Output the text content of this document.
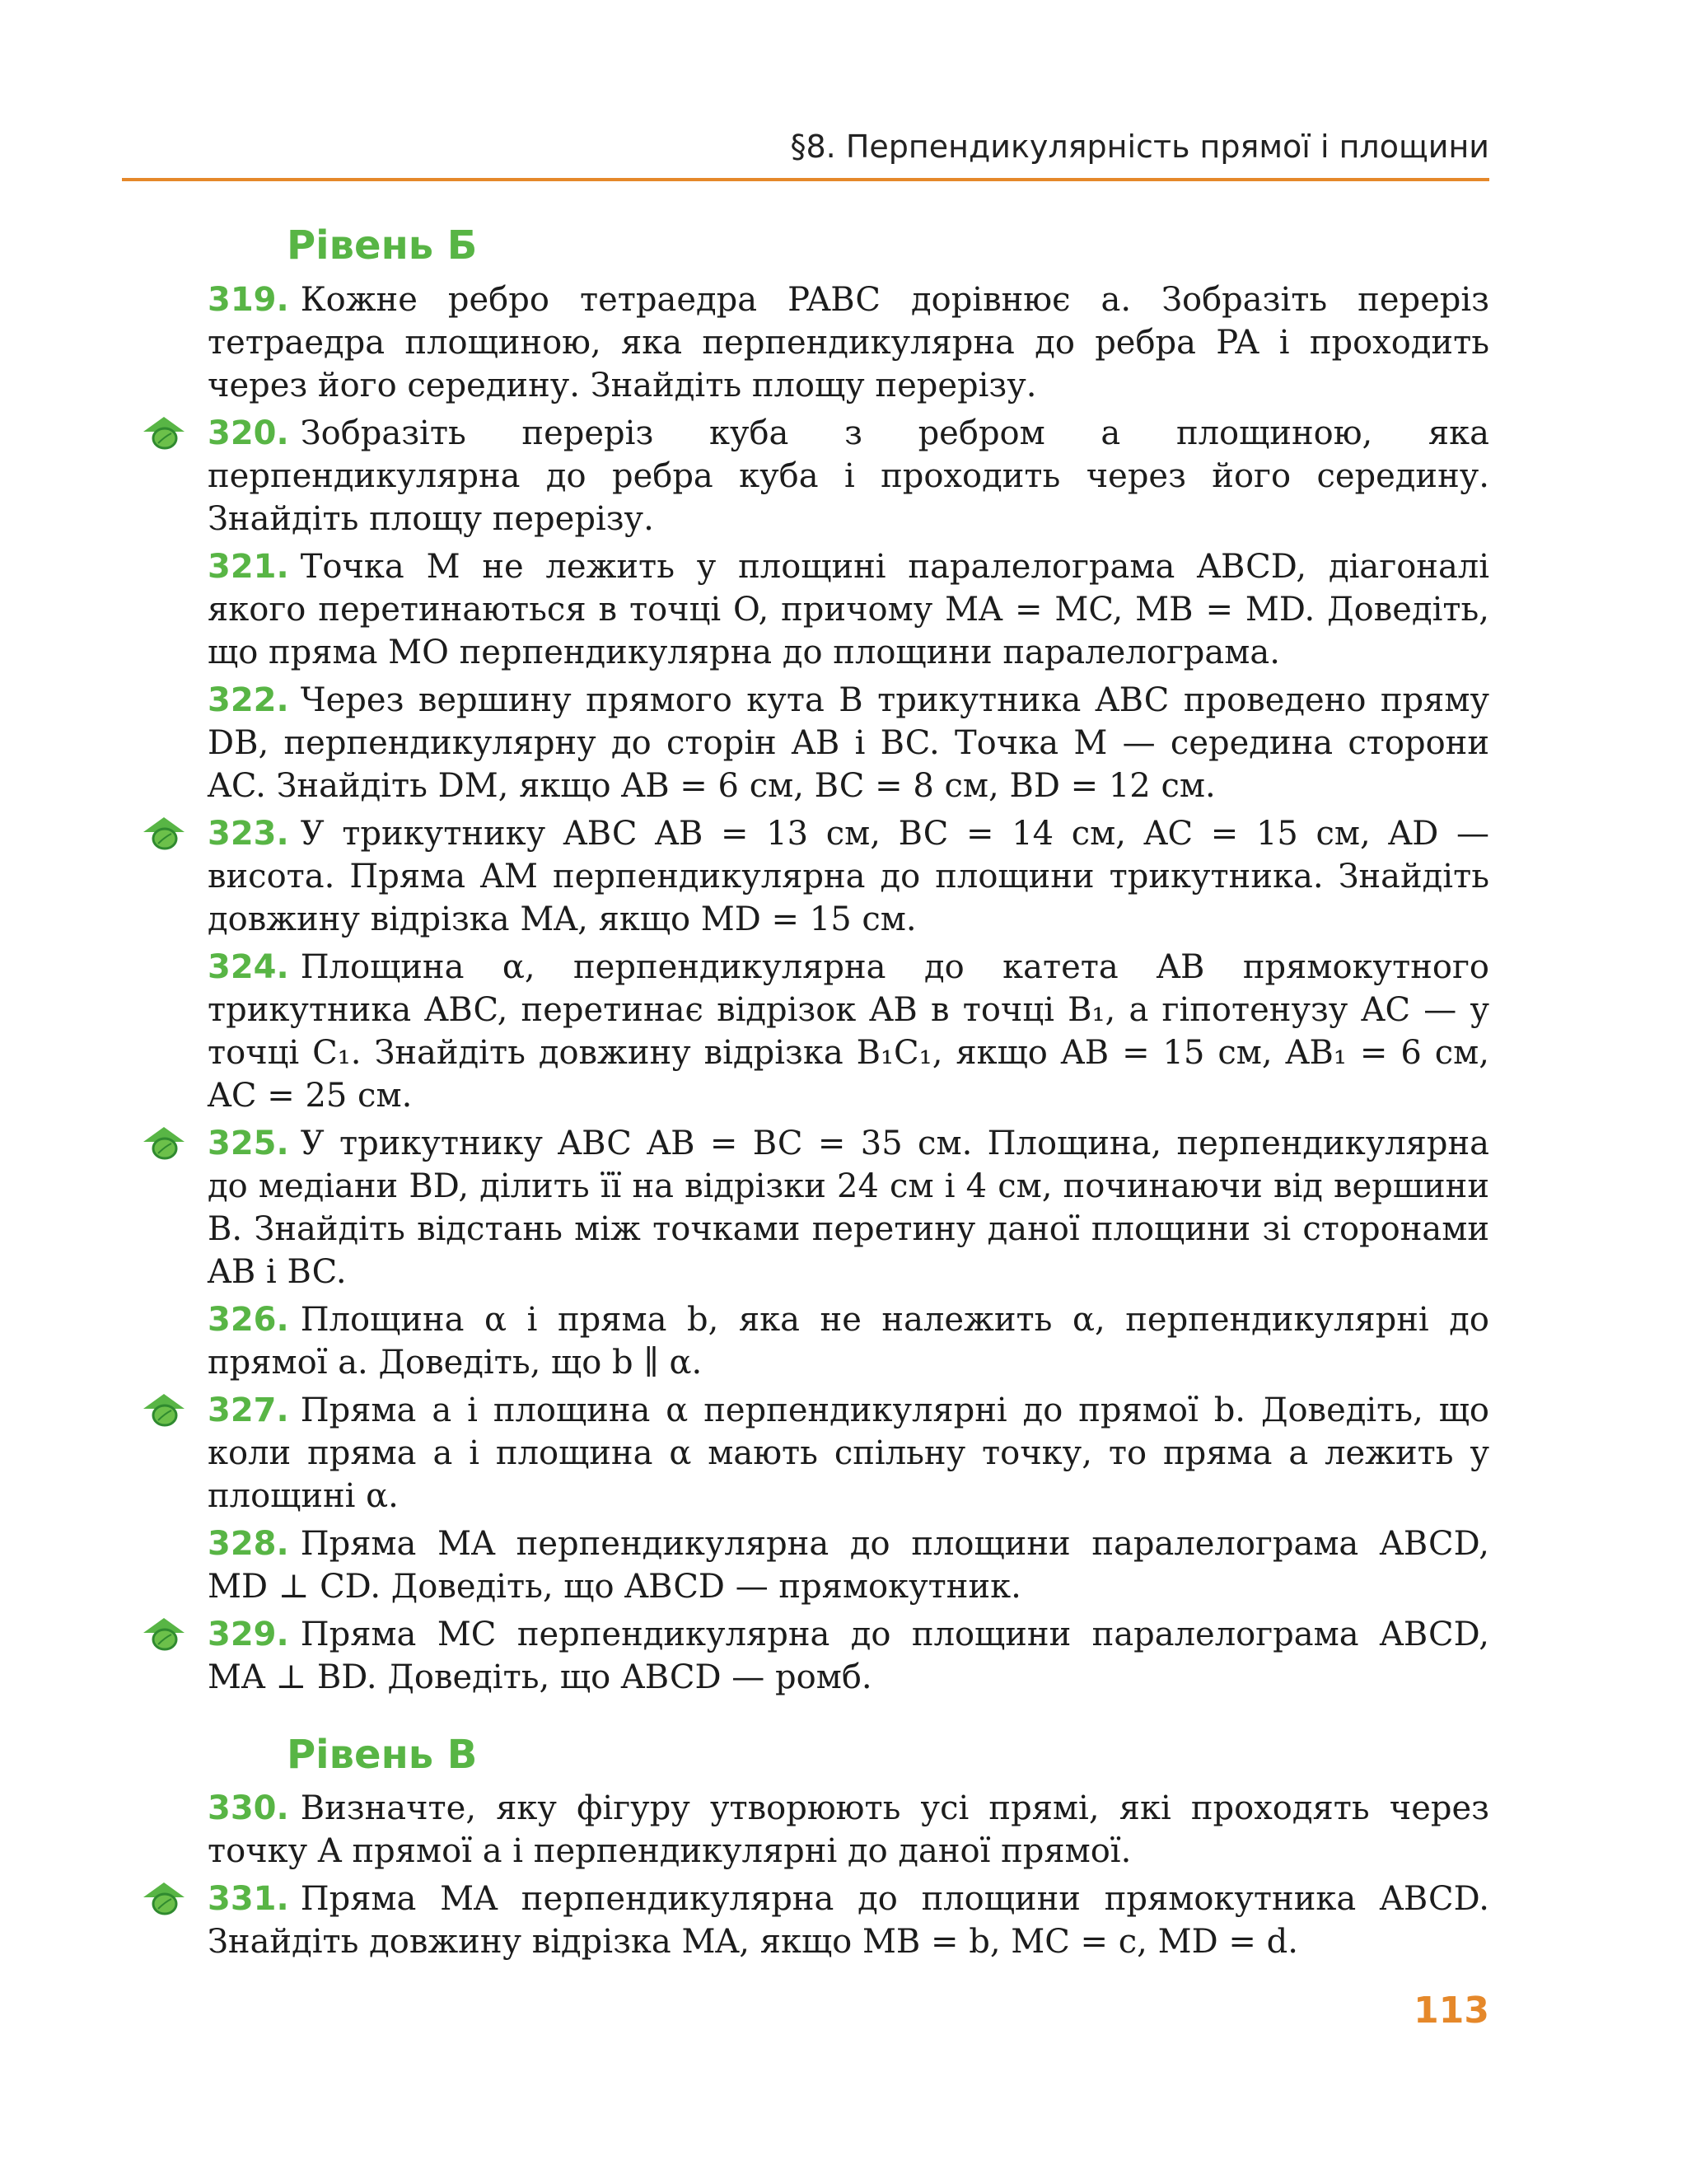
§8. Перпендикулярність прямої і площини
Рівень Б
319. Кожне ребро тетраедра PABC дорівнює a. Зобразіть переріз тетраедра площиною, яка перпендикулярна до ребра PA і проходить через його середину. Знайдіть площу перерізу.
320. Зобразіть переріз куба з ребром a площиною, яка перпендикулярна до ребра куба і проходить через його середину. Знайдіть площу перерізу.
321. Точка M не лежить у площині паралелограма ABCD, діагоналі якого перетинаються в точці O, причому MA = MC, MB = MD. Доведіть, що пряма MO перпендикулярна до площини паралелограма.
322. Через вершину прямого кута B трикутника ABC проведено пряму DB, перпендикулярну до сторін AB і BC. Точка M — середина сторони AC. Знайдіть DM, якщо AB = 6 см, BC = 8 см, BD = 12 см.
323. У трикутнику ABC AB = 13 см, BC = 14 см, AC = 15 см, AD — висота. Пряма AM перпендикулярна до площини трикутника. Знайдіть довжину відрізка MA, якщо MD = 15 см.
324. Площина α, перпендикулярна до катета AB прямокутного трикутника ABC, перетинає відрізок AB в точці B₁, а гіпотенузу AC — у точці C₁. Знайдіть довжину відрізка B₁C₁, якщо AB = 15 см, AB₁ = 6 см, AC = 25 см.
325. У трикутнику ABC AB = BC = 35 см. Площина, перпендикулярна до медіани BD, ділить її на відрізки 24 см і 4 см, починаючи від вершини B. Знайдіть відстань між точками перетину даної площини зі сторонами AB і BC.
326. Площина α і пряма b, яка не належить α, перпендикулярні до прямої a. Доведіть, що b ∥ α.
327. Пряма a і площина α перпендикулярні до прямої b. Доведіть, що коли пряма a і площина α мають спільну точку, то пряма a лежить у площині α.
328. Пряма MA перпендикулярна до площини паралелограма ABCD, MD ⊥ CD. Доведіть, що ABCD — прямокутник.
329. Пряма MC перпендикулярна до площини паралелограма ABCD, MA ⊥ BD. Доведіть, що ABCD — ромб.
Рівень В
330. Визначте, яку фігуру утворюють усі прямі, які проходять через точку A прямої a і перпендикулярні до даної прямої.
331. Пряма MA перпендикулярна до площини прямокутника ABCD. Знайдіть довжину відрізка MA, якщо MB = b, MC = c, MD = d.
113
